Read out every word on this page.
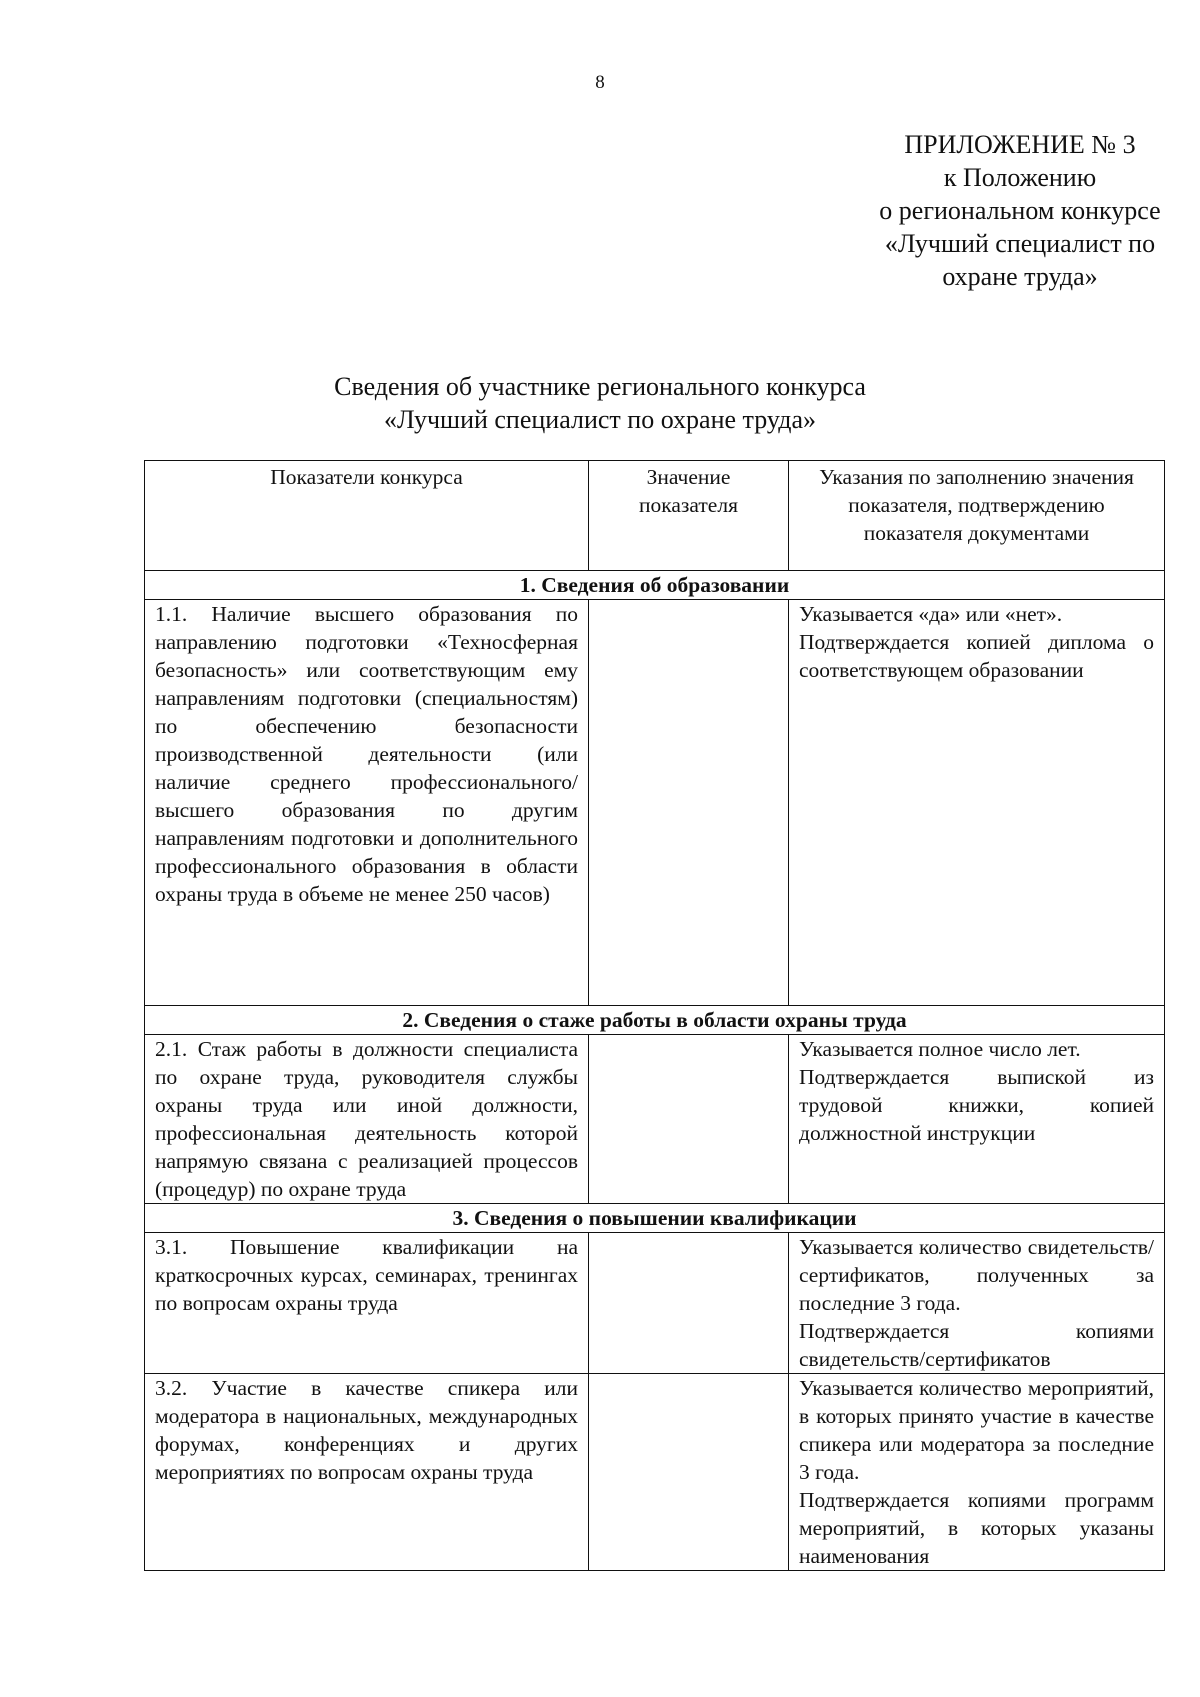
8
ПРИЛОЖЕНИЕ № 3
к Положению
о региональном конкурсе
«Лучший специалист по
охране труда»
Сведения об участнике регионального конкурса
«Лучший специалист по охране труда»
Показатели конкурса	Значение показателя	Указания по заполнению значения показателя, подтверждению показателя документами
1. Сведения об образовании		
1.1. Наличие высшего образования по направлению подготовки «Техносферная безопасность» или соответствующим ему направлениям подготовки (специальностям) по обеспечению безопасности производственной деятельности (или наличие среднего профессионального/высшего образования по другим направлениям подготовки и дополнительного профессионального образования в области охраны труда в объеме не менее 250 часов)		Указывается «да» или «нет».
Подтверждается копией диплома о соответствующем образовании

2. Сведения о стаже работы в области охраны труда		
2.1. Стаж работы в должности специалиста по охране труда, руководителя службы охраны труда или иной должности, профессиональная деятельность которой напрямую связана с реализацией процессов (процедур) по охране труда		Указывается полное число лет.
Подтверждается выпиской из трудовой книжки, копией должностной инструкции

3. Сведения о повышении квалификации		
3.1. Повышение квалификации на краткосрочных курсах, семинарах, тренингах по вопросам охраны труда		Указывается количество свидетельств/сертификатов, полученных за последние 3 года.
Подтверждается копиями свидетельств/сертификатов

3.2. Участие в качестве спикера или модератора в национальных, международных форумах, конференциях и других мероприятиях по вопросам охраны труда		Указывается количество мероприятий, в которых принято участие в качестве спикера или модератора за последние 3 года.
Подтверждается копиями программ мероприятий, в которых указаны наименования
